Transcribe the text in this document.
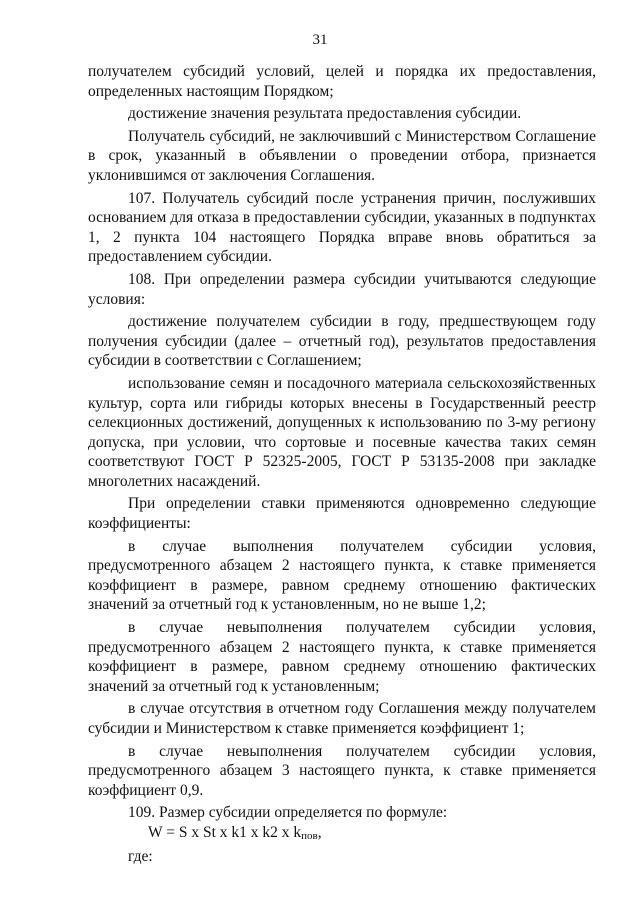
31

получателем субсидий условий, целей и порядка их предоставления, определенных настоящим Порядком;

достижение значения результата предоставления субсидии.

Получатель субсидий, не заключивший с Министерством Соглашение в срок, указанный в объявлении о проведении отбора, признается уклонившимся от заключения Соглашения.

107. Получатель субсидий после устранения причин, послуживших основанием для отказа в предоставлении субсидии, указанных в подпунктах 1, 2 пункта 104 настоящего Порядка вправе вновь обратиться за предоставлением субсидии.

108. При определении размера субсидии учитываются следующие условия:

достижение получателем субсидии в году, предшествующем году получения субсидии (далее – отчетный год), результатов предоставления субсидии в соответствии с Соглашением;

использование семян и посадочного материала сельскохозяйственных культур, сорта или гибриды которых внесены в Государственный реестр селекционных достижений, допущенных к использованию по 3-му региону допуска, при условии, что сортовые и посевные качества таких семян соответствуют ГОСТ Р 52325-2005, ГОСТ Р 53135-2008 при закладке многолетних насаждений.

При определении ставки применяются одновременно следующие коэффициенты:

в случае выполнения получателем субсидии условия, предусмотренного абзацем 2 настоящего пункта, к ставке применяется коэффициент в размере, равном среднему отношению фактических значений за отчетный год к установленным, но не выше 1,2;

в случае невыполнения получателем субсидии условия, предусмотренного абзацем 2 настоящего пункта, к ставке применяется коэффициент в размере, равном среднему отношению фактических значений за отчетный год к установленным;

в случае отсутствия в отчетном году Соглашения между получателем субсидии и Министерством к ставке применяется коэффициент 1;

в случае невыполнения получателем субсидии условия, предусмотренного абзацем 3 настоящего пункта, к ставке применяется коэффициент 0,9.

109. Размер субсидии определяется по формуле:

W = S x St x k1 x k2 x $k_{пов}$,

где:
